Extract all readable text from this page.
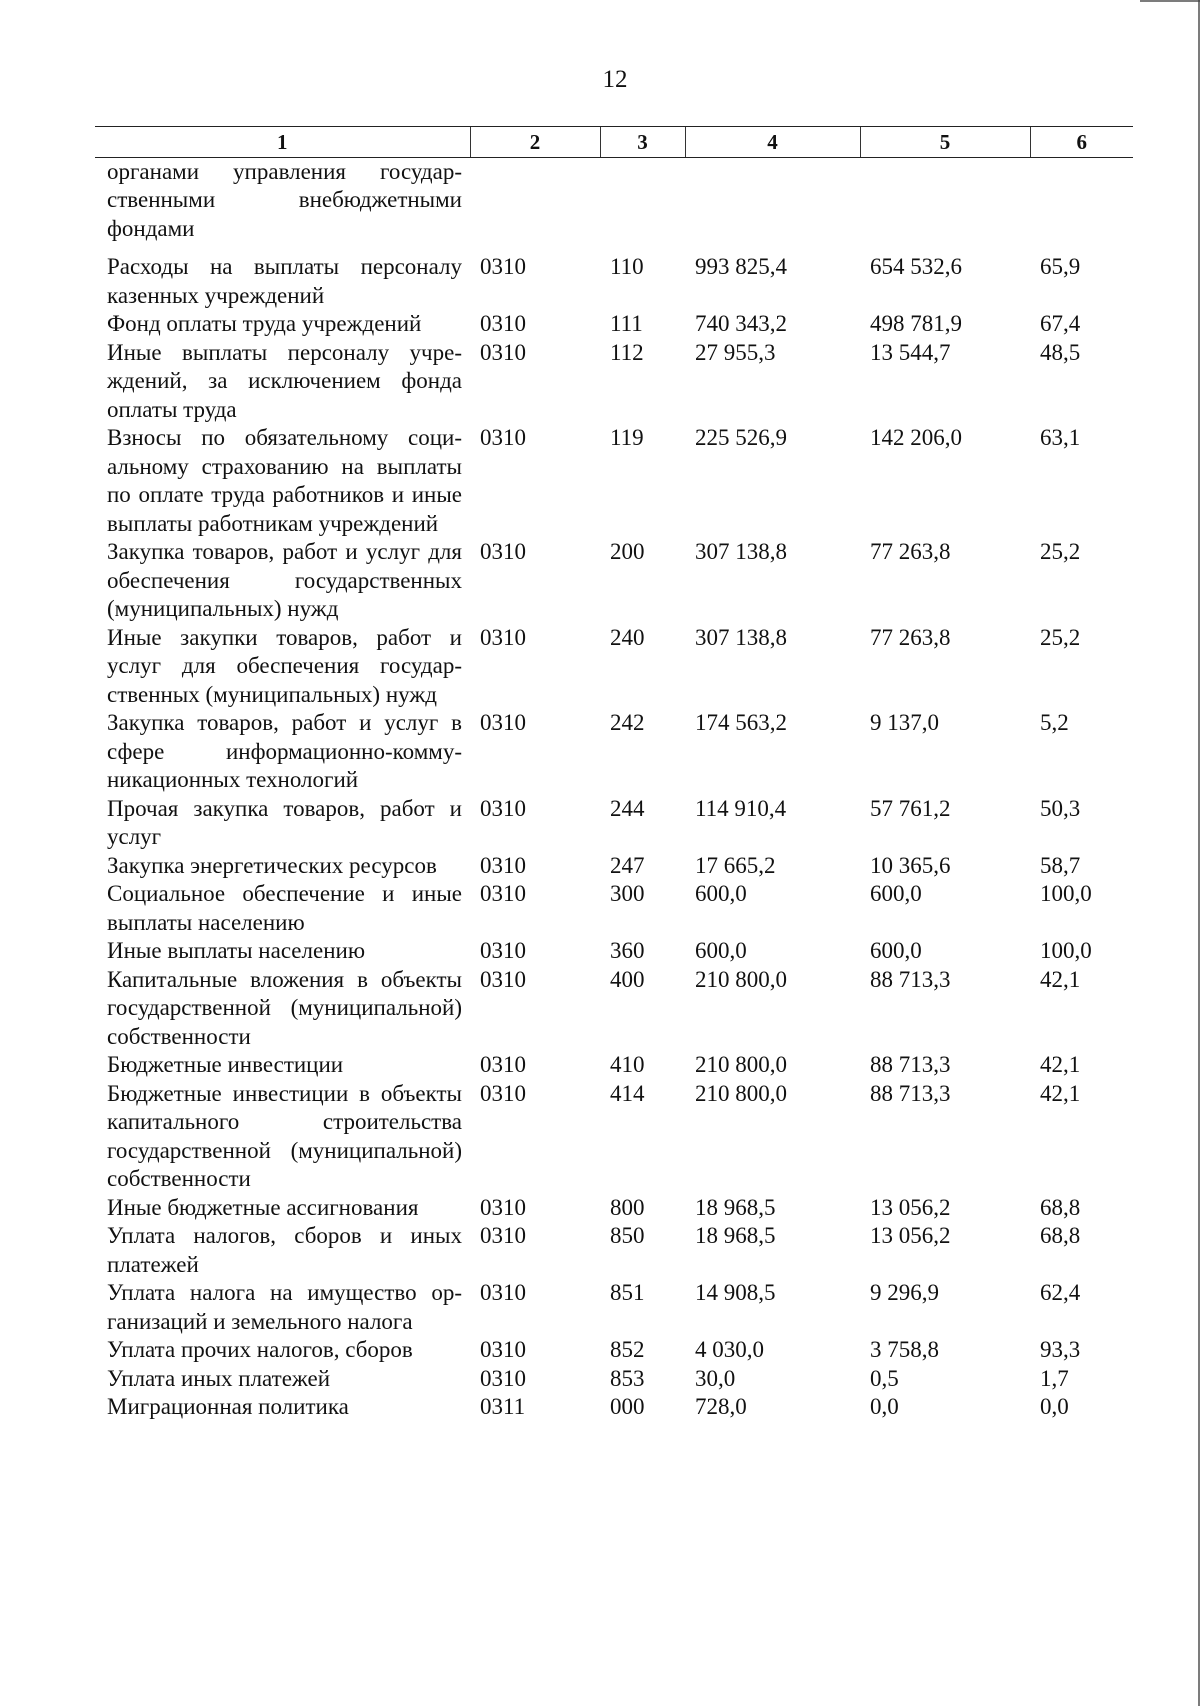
12
1	2	3	4	5	6
органами управления государственными внебюджетными фондами					
Расходы на выплаты персоналу казенных учреждений	0310	110	993 825,4	654 532,6	65,9
Фонд оплаты труда учреждений	0310	111	740 343,2	498 781,9	67,4
Иные выплаты персоналу учреждений, за исключением фонда оплаты труда	0310	112	27 955,3	13 544,7	48,5
Взносы по обязательному социальному страхованию на выплаты по оплате труда работников и иные выплаты работникам учреждений	0310	119	225 526,9	142 206,0	63,1
Закупка товаров, работ и услуг для обеспечения государственных (муниципальных) нужд	0310	200	307 138,8	77 263,8	25,2
Иные закупки товаров, работ и услуг для обеспечения государственных (муниципальных) нужд	0310	240	307 138,8	77 263,8	25,2
Закупка товаров, работ и услуг в сфере информационно-коммуникационных технологий	0310	242	174 563,2	9 137,0	5,2
Прочая закупка товаров, работ и услуг	0310	244	114 910,4	57 761,2	50,3
Закупка энергетических ресурсов	0310	247	17 665,2	10 365,6	58,7
Социальное обеспечение и иные выплаты населению	0310	300	600,0	600,0	100,0
Иные выплаты населению	0310	360	600,0	600,0	100,0
Капитальные вложения в объекты государственной (муниципальной) собственности	0310	400	210 800,0	88 713,3	42,1
Бюджетные инвестиции	0310	410	210 800,0	88 713,3	42,1
Бюджетные инвестиции в объекты капитального строительства государственной (муниципальной) собственности	0310	414	210 800,0	88 713,3	42,1
Иные бюджетные ассигнования	0310	800	18 968,5	13 056,2	68,8
Уплата налогов, сборов и иных платежей	0310	850	18 968,5	13 056,2	68,8
Уплата налога на имущество организаций и земельного налога	0310	851	14 908,5	9 296,9	62,4
Уплата прочих налогов, сборов	0310	852	4 030,0	3 758,8	93,3
Уплата иных платежей	0310	853	30,0	0,5	1,7
Миграционная политика	0311	000	728,0	0,0	0,0
